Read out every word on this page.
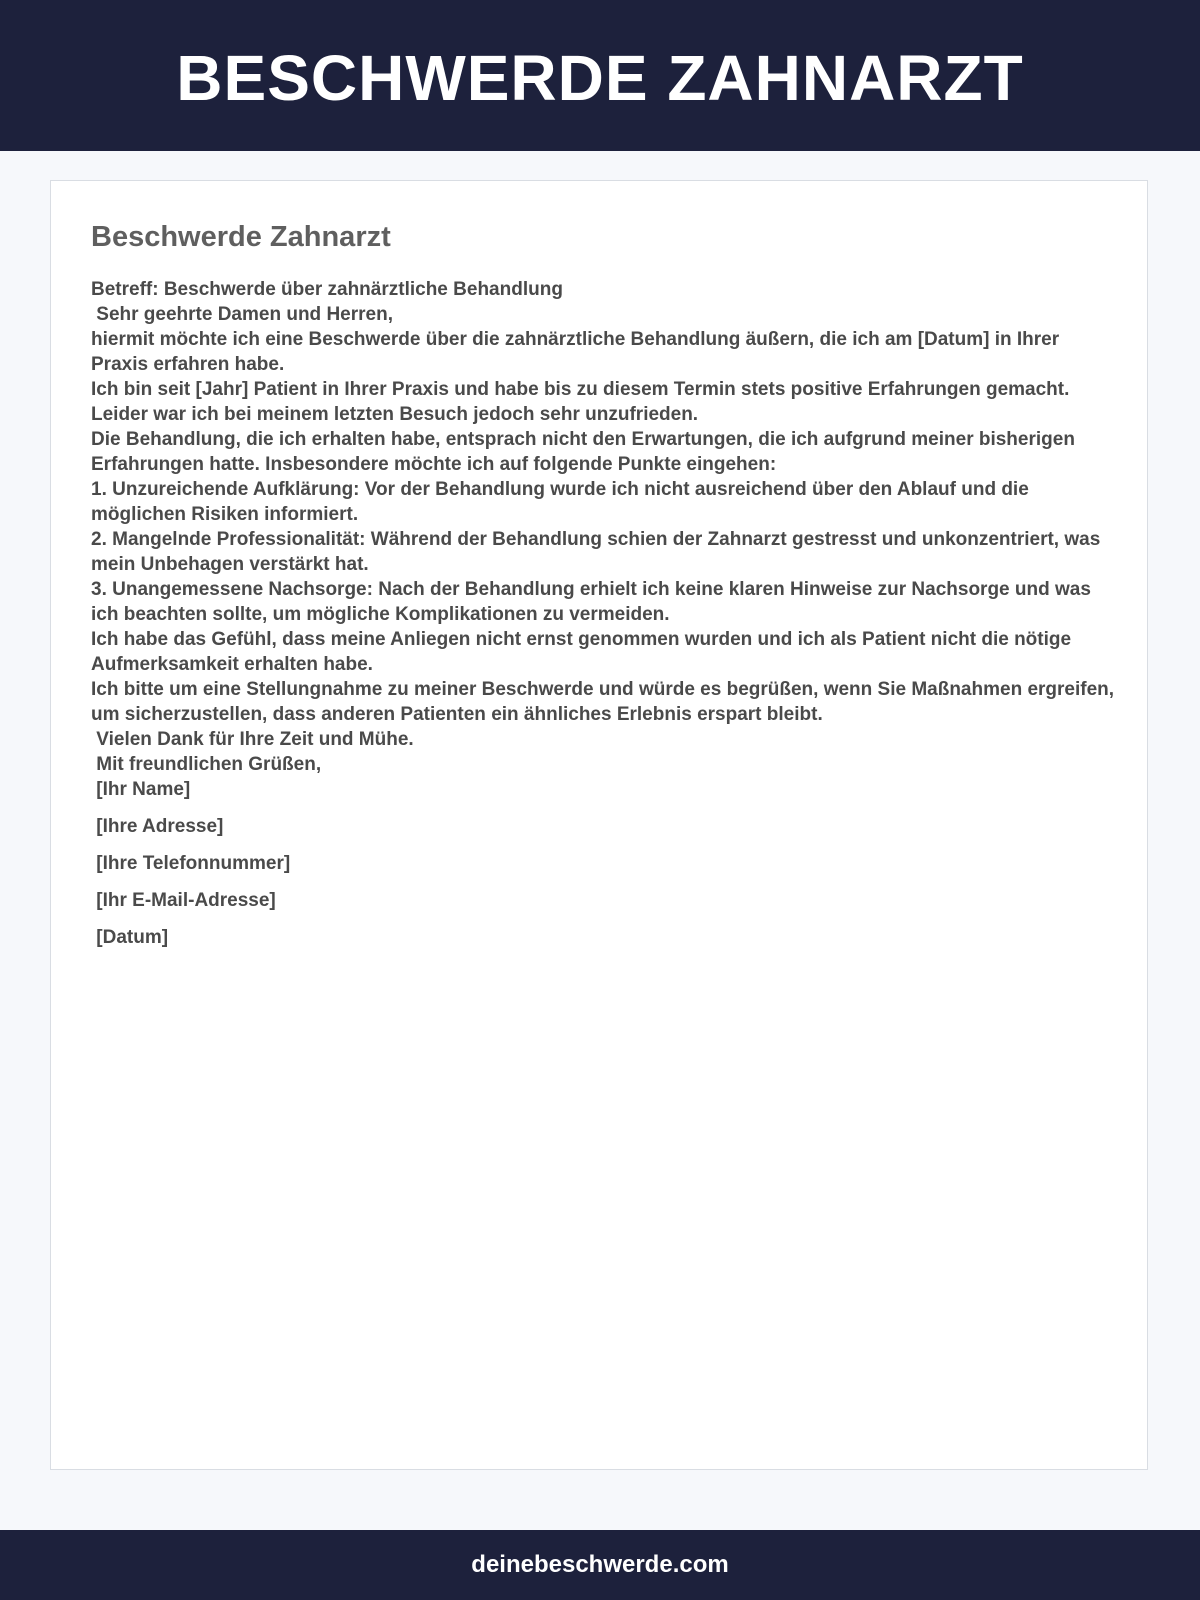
BESCHWERDE ZAHNARZT
Beschwerde Zahnarzt
Betreff: Beschwerde über zahnärztliche Behandlung
Sehr geehrte Damen und Herren,
hiermit möchte ich eine Beschwerde über die zahnärztliche Behandlung äußern, die ich am [Datum] in Ihrer Praxis erfahren habe.
Ich bin seit [Jahr] Patient in Ihrer Praxis und habe bis zu diesem Termin stets positive Erfahrungen gemacht. Leider war ich bei meinem letzten Besuch jedoch sehr unzufrieden.
Die Behandlung, die ich erhalten habe, entsprach nicht den Erwartungen, die ich aufgrund meiner bisherigen Erfahrungen hatte. Insbesondere möchte ich auf folgende Punkte eingehen:
1. Unzureichende Aufklärung: Vor der Behandlung wurde ich nicht ausreichend über den Ablauf und die möglichen Risiken informiert.
2. Mangelnde Professionalität: Während der Behandlung schien der Zahnarzt gestresst und unkonzentriert, was mein Unbehagen verstärkt hat.
3. Unangemessene Nachsorge: Nach der Behandlung erhielt ich keine klaren Hinweise zur Nachsorge und was ich beachten sollte, um mögliche Komplikationen zu vermeiden.
Ich habe das Gefühl, dass meine Anliegen nicht ernst genommen wurden und ich als Patient nicht die nötige Aufmerksamkeit erhalten habe.
Ich bitte um eine Stellungnahme zu meiner Beschwerde und würde es begrüßen, wenn Sie Maßnahmen ergreifen, um sicherzustellen, dass anderen Patienten ein ähnliches Erlebnis erspart bleibt.
Vielen Dank für Ihre Zeit und Mühe.
Mit freundlichen Grüßen,
[Ihr Name]
[Ihre Adresse]
[Ihre Telefonnummer]
[Ihr E-Mail-Adresse]
[Datum]
deinebeschwerde.com
